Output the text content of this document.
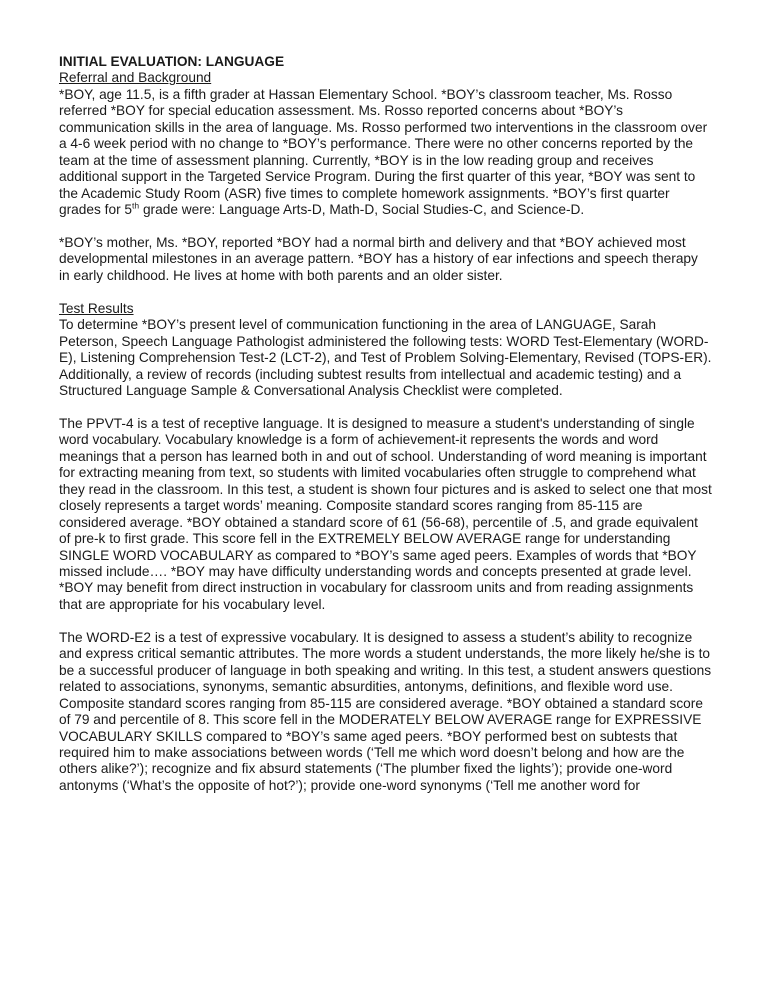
INITIAL EVALUATION: LANGUAGE
Referral and Background

*BOY, age 11.5, is a fifth grader at Hassan Elementary School. *BOY’s classroom teacher, Ms. Rosso referred *BOY for special education assessment. Ms. Rosso reported concerns about *BOY’s communication skills in the area of language. Ms. Rosso performed two interventions in the classroom over a 4-6 week period with no change to *BOY’s performance. There were no other concerns reported by the team at the time of assessment planning. Currently, *BOY is in the low reading group and receives additional support in the Targeted Service Program. During the first quarter of this year, *BOY was sent to the Academic Study Room (ASR) five times to complete homework assignments. *BOY’s first quarter grades for 5th grade were: Language Arts-D, Math-D, Social Studies-C, and Science-D.

*BOY’s mother, Ms. *BOY, reported *BOY had a normal birth and delivery and that *BOY achieved most developmental milestones in an average pattern. *BOY has a history of ear infections and speech therapy in early childhood. He lives at home with both parents and an older sister.

Test Results

To determine *BOY’s present level of communication functioning in the area of LANGUAGE, Sarah Peterson, Speech Language Pathologist administered the following tests: WORD Test-Elementary (WORD-E), Listening Comprehension Test-2 (LCT-2), and Test of Problem Solving-Elementary, Revised (TOPS-ER). Additionally, a review of records (including subtest results from intellectual and academic testing) and a Structured Language Sample & Conversational Analysis Checklist were completed.

The PPVT-4 is a test of receptive language. It is designed to measure a student's understanding of single word vocabulary. Vocabulary knowledge is a form of achievement-it represents the words and word meanings that a person has learned both in and out of school. Understanding of word meaning is important for extracting meaning from text, so students with limited vocabularies often struggle to comprehend what they read in the classroom. In this test, a student is shown four pictures and is asked to select one that most closely represents a target words’ meaning. Composite standard scores ranging from 85-115 are considered average. *BOY obtained a standard score of 61 (56-68), percentile of .5, and grade equivalent of pre-k to first grade. This score fell in the EXTREMELY BELOW AVERAGE range for understanding SINGLE WORD VOCABULARY as compared to *BOY’s same aged peers. Examples of words that *BOY missed include…. *BOY may have difficulty understanding words and concepts presented at grade level. *BOY may benefit from direct instruction in vocabulary for classroom units and from reading assignments that are appropriate for his vocabulary level.

The WORD-E2 is a test of expressive vocabulary. It is designed to assess a student’s ability to recognize and express critical semantic attributes. The more words a student understands, the more likely he/she is to be a successful producer of language in both speaking and writing. In this test, a student answers questions related to associations, synonyms, semantic absurdities, antonyms, definitions, and flexible word use. Composite standard scores ranging from 85-115 are considered average. *BOY obtained a standard score of 79 and percentile of 8. This score fell in the MODERATELY BELOW AVERAGE range for EXPRESSIVE VOCABULARY SKILLS compared to *BOY’s same aged peers. *BOY performed best on subtests that required him to make associations between words (‘Tell me which word doesn’t belong and how are the others alike?’); recognize and fix absurd statements (‘The plumber fixed the lights’); provide one-word antonyms (‘What’s the opposite of hot?’); provide one-word synonyms (‘Tell me another word for
